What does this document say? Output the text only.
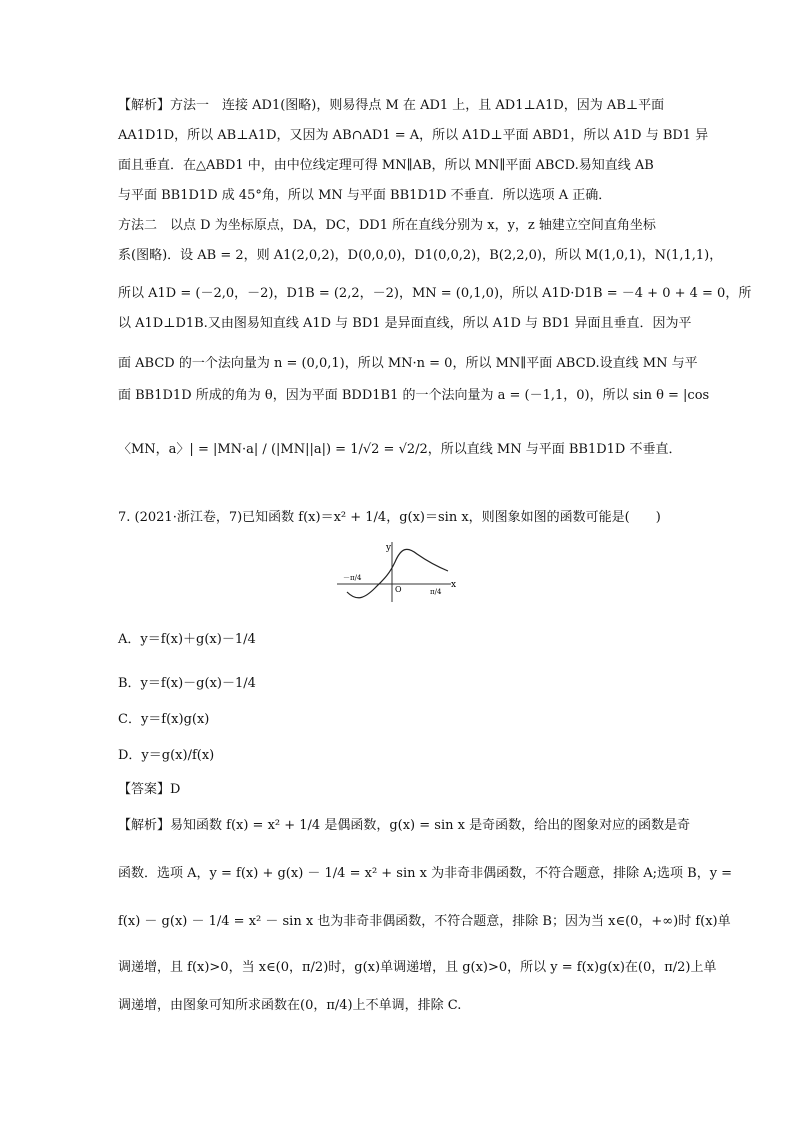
【解析】方法一　连接 AD1(图略)，则易得点 M 在 AD1 上，且 AD1⊥A1D，因为 AB⊥平面
AA1D1D，所以 AB⊥A1D，又因为 AB∩AD1 = A，所以 A1D⊥平面 ABD1，所以 A1D 与 BD1 异
面且垂直．在△ABD1 中，由中位线定理可得 MN∥AB，所以 MN∥平面 ABCD.易知直线 AB
与平面 BB1D1D 成 45°角，所以 MN 与平面 BB1D1D 不垂直．所以选项 A 正确．
方法二　以点 D 为坐标原点，DA，DC，DD1 所在直线分别为 x，y，z 轴建立空间直角坐标
系(图略)．设 AB = 2，则 A1(2,0,2)，D(0,0,0)，D1(0,0,2)，B(2,2,0)，所以 M(1,0,1)，N(1,1,1)，
所以 A1D = (－2,0，－2)，D1B = (2,2，－2)，MN = (0,1,0)，所以 A1D·D1B = －4 + 0 + 4 = 0，所
以 A1D⊥D1B.又由图易知直线 A1D 与 BD1 是异面直线，所以 A1D 与 BD1 异面且垂直．因为平
面 ABCD 的一个法向量为 n = (0,0,1)，所以 MN·n = 0，所以 MN∥平面 ABCD.设直线 MN 与平
面 BB1D1D 所成的角为 θ，因为平面 BDD1B1 的一个法向量为 a = (－1,1，0)，所以 sin θ = |cos
〈MN，a〉| = |MN·a| / (|MN||a|) = 1/√2 = √2/2，所以直线 MN 与平面 BB1D1D 不垂直．
7. (2021·浙江卷，7)已知函数 f(x)＝x² + 1/4，g(x)＝sin x，则图象如图的函数可能是(　　)
y
x
O
－π/4
π/4
A．y＝f(x)＋g(x)－1/4
B．y＝f(x)－g(x)－1/4
C．y＝f(x)g(x)
D．y＝g(x)/f(x)
【答案】D
【解析】易知函数 f(x) = x² + 1/4 是偶函数，g(x) = sin x 是奇函数，给出的图象对应的函数是奇
函数．选项 A，y = f(x) + g(x) － 1/4 = x² + sin x 为非奇非偶函数，不符合题意，排除 A;选项 B，y =
f(x) － g(x) － 1/4 = x² － sin x 也为非奇非偶函数，不符合题意，排除 B；因为当 x∈(0，+∞)时 f(x)单
调递增，且 f(x)>0，当 x∈(0，π/2)时，g(x)单调递增，且 g(x)>0，所以 y = f(x)g(x)在(0，π/2)上单
调递增，由图象可知所求函数在(0，π/4)上不单调，排除 C.
